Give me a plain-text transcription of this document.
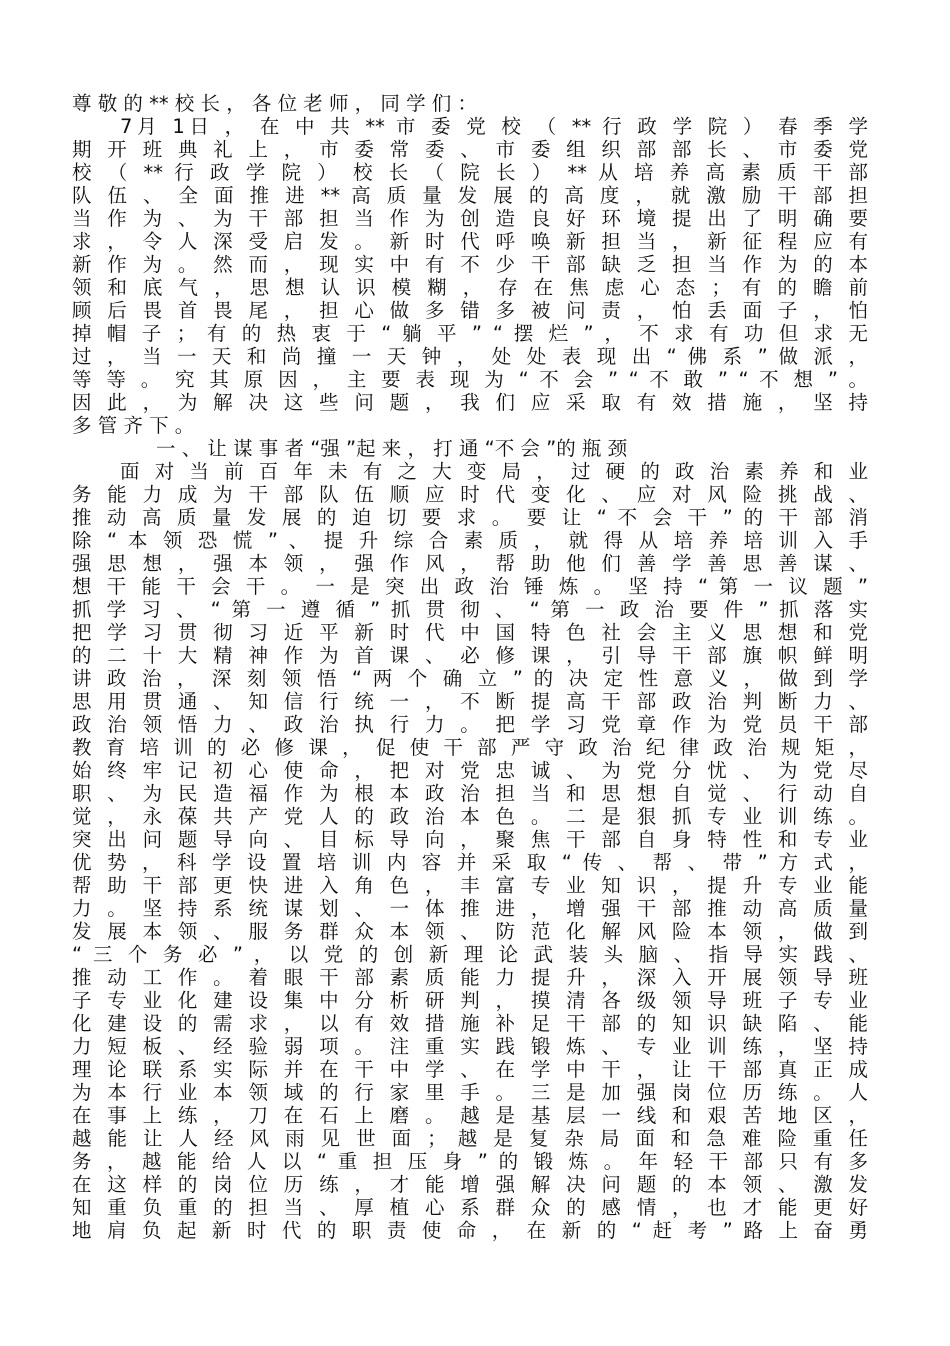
尊 敬 的 ** 校 长 ， 各 位 老 师 ， 同 学 们 ：
7月 1日 ， 在 中 共 ** 市 委 党 校 （ ** 行 政 学 院 ） 春 季 学
期 开 班 典 礼 上 ， 市 委 常 委 、 市 委 组 织 部 部 长 、 市 委 党
校 （ ** 行 政 学 院 ） 校 长 （ 院 长 ） ** 从 培 养 高 素 质 干 部
队 伍 、 全 面 推 进 ** 高 质 量 发 展 的 高 度 ， 就 激 励 干 部 担
当 作 为 、 为 干 部 担 当 作 为 创 造 良 好 环 境 提 出 了 明 确 要
求 ， 令 人 深 受 启 发 。 新 时 代 呼 唤 新 担 当 ， 新 征 程 应 有
新 作 为 。 然 而 ， 现 实 中 有 不 少 干 部 缺 乏 担 当 作 为 的 本
领 和 底 气 ， 思 想 认 识 模 糊 ， 存 在 焦 虑 心 态 ； 有 的 瞻 前
顾 后 畏 首 畏 尾 ， 担 心 做 多 错 多 被 问 责 ， 怕 丢 面 子 ， 怕
掉 帽 子 ； 有 的 热 衷 于 “ 躺 平 ” “ 摆 烂 ” ， 不 求 有 功 但 求 无
过 ， 当 一 天 和 尚 撞 一 天 钟 ， 处 处 表 现 出 “ 佛 系 ” 做 派 ，
等 等 。 究 其 原 因 ， 主 要 表 现 为 “ 不 会 ” “ 不 敢 ” “ 不 想 ” 。
因 此 ， 为 解 决 这 些 问 题 ， 我 们 应 采 取 有 效 措 施 ， 坚 持
多 管 齐 下 。
一 、 让 谋 事 者 “强 ”起 来 ， 打 通 “不 会 ”的 瓶 颈
面 对 当 前 百 年 未 有 之 大 变 局 ， 过 硬 的 政 治 素 养 和 业
务 能 力 成 为 干 部 队 伍 顺 应 时 代 变 化 、 应 对 风 险 挑 战 、
推 动 高 质 量 发 展 的 迫 切 要 求 。 要 让 “ 不 会 干 ” 的 干 部 消
除 “ 本 领 恐 慌 ” 、 提 升 综 合 素 质 ， 就 得 从 培 养 培 训 入 手
强 思 想 ， 强 本 领 ， 强 作 风 ， 帮 助 他 们 善 学 善 思 善 谋 、
想 干 能 干 会 干 。 一 是 突 出 政 治 锤 炼 。 坚 持 “ 第 一 议 题 ”
抓 学 习 、 “ 第 一 遵 循 ” 抓 贯 彻 、 “ 第 一 政 治 要 件 ” 抓 落 实
把 学 习 贯 彻 习 近 平 新 时 代 中 国 特 色 社 会 主 义 思 想 和 党
的 二 十 大 精 神 作 为 首 课 、 必 修 课 ， 引 导 干 部 旗 帜 鲜 明
讲 政 治 ， 深 刻 领 悟 “ 两 个 确 立 ” 的 决 定 性 意 义 ， 做 到 学
思 用 贯 通 、 知 信 行 统 一 ， 不 断 提 高 干 部 政 治 判 断 力 、
政 治 领 悟 力 、 政 治 执 行 力 。 把 学 习 党 章 作 为 党 员 干 部
教 育 培 训 的 必 修 课 ， 促 使 干 部 严 守 政 治 纪 律 政 治 规 矩 ，
始 终 牢 记 初 心 使 命 ， 把 对 党 忠 诚 、 为 党 分 忧 、 为 党 尽
职 、 为 民 造 福 作 为 根 本 政 治 担 当 和 思 想 自 觉 、 行 动 自
觉 ， 永 葆 共 产 党 人 的 政 治 本 色 。 二 是 狠 抓 专 业 训 练 。
突 出 问 题 导 向 、 目 标 导 向 ， 聚 焦 干 部 自 身 特 性 和 专 业
优 势 ， 科 学 设 置 培 训 内 容 并 采 取 “ 传 、 帮 、 带 ” 方 式 ，
帮 助 干 部 更 快 进 入 角 色 ， 丰 富 专 业 知 识 ， 提 升 专 业 能
力 。 坚 持 系 统 谋 划 、 一 体 推 进 ， 增 强 干 部 推 动 高 质 量
发 展 本 领 、 服 务 群 众 本 领 、 防 范 化 解 风 险 本 领 ， 做 到
“ 三 个 务 必 ” ， 以 党 的 创 新 理 论 武 装 头 脑 、 指 导 实 践 、
推 动 工 作 。 着 眼 干 部 素 质 能 力 提 升 ， 深 入 开 展 领 导 班
子 专 业 化 建 设 集 中 分 析 研 判 ， 摸 清 各 级 领 导 班 子 专 业
化 建 设 的 需 求 ， 以 有 效 措 施 补 足 干 部 的 知 识 缺 陷 、 能
力 短 板 、 经 验 弱 项 。 注 重 实 践 锻 炼 、 专 业 训 练 ， 坚 持
理 论 联 系 实 际 并 在 干 中 学 、 在 学 中 干 ， 让 干 部 真 正 成
为 本 行 业 本 领 域 的 行 家 里 手 。 三 是 加 强 岗 位 历 练 。 人
在 事 上 练 ， 刀 在 石 上 磨 。 越 是 基 层 一 线 和 艰 苦 地 区 ，
越 能 让 人 经 风 雨 见 世 面 ； 越 是 复 杂 局 面 和 急 难 险 重 任
务 ， 越 能 给 人 以 “ 重 担 压 身 ” 的 锻 炼 。 年 轻 干 部 只 有 多
在 这 样 的 岗 位 历 练 ， 才 能 增 强 解 决 问 题 的 本 领 、 激 发
知 重 负 重 的 担 当 、 厚 植 心 系 群 众 的 感 情 ， 也 才 能 更 好
地 肩 负 起 新 时 代 的 职 责 使 命 ， 在 新 的 “ 赶 考 ” 路 上 奋 勇
